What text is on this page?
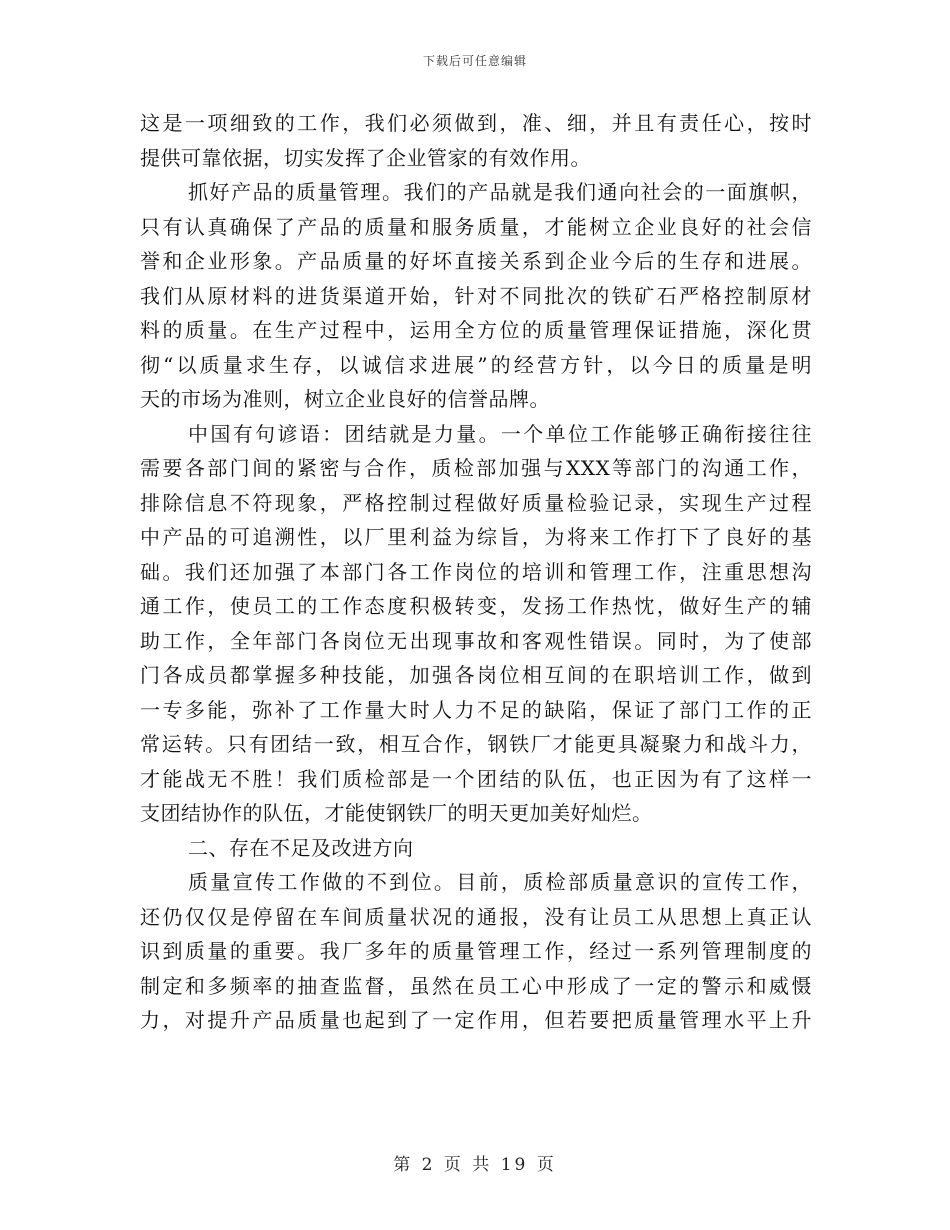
下载后可任意编辑
这是一项细致的工作，我们必须做到，准、细，并且有责任心，按时
提供可靠依据，切实发挥了企业管家的有效作用。
抓好产品的质量管理。我们的产品就是我们通向社会的一面旗帜，
只有认真确保了产品的质量和服务质量，才能树立企业良好的社会信
誉和企业形象。产品质量的好坏直接关系到企业今后的生存和进展。
我们从原材料的进货渠道开始，针对不同批次的铁矿石严格控制原材
料的质量。在生产过程中，运用全方位的质量管理保证措施，深化贯
彻“以质量求生存，以诚信求进展”的经营方针，以今日的质量是明
天的市场为准则，树立企业良好的信誉品牌。
中国有句谚语：团结就是力量。一个单位工作能够正确衔接往往
需要各部门间的紧密与合作，质检部加强与XXX等部门的沟通工作，
排除信息不符现象，严格控制过程做好质量检验记录，实现生产过程
中产品的可追溯性，以厂里利益为综旨，为将来工作打下了良好的基
础。我们还加强了本部门各工作岗位的培训和管理工作，注重思想沟
通工作，使员工的工作态度积极转变，发扬工作热忱，做好生产的辅
助工作，全年部门各岗位无出现事故和客观性错误。同时，为了使部
门各成员都掌握多种技能，加强各岗位相互间的在职培训工作，做到
一专多能，弥补了工作量大时人力不足的缺陷，保证了部门工作的正
常运转。只有团结一致，相互合作，钢铁厂才能更具凝聚力和战斗力，
才能战无不胜！我们质检部是一个团结的队伍，也正因为有了这样一
支团结协作的队伍，才能使钢铁厂的明天更加美好灿烂。
二、存在不足及改进方向
质量宣传工作做的不到位。目前，质检部质量意识的宣传工作，
还仍仅仅是停留在车间质量状况的通报，没有让员工从思想上真正认
识到质量的重要。我厂多年的质量管理工作，经过一系列管理制度的
制定和多频率的抽查监督，虽然在员工心中形成了一定的警示和威慑
力，对提升产品质量也起到了一定作用，但若要把质量管理水平上升
第 2 页 共 19 页
